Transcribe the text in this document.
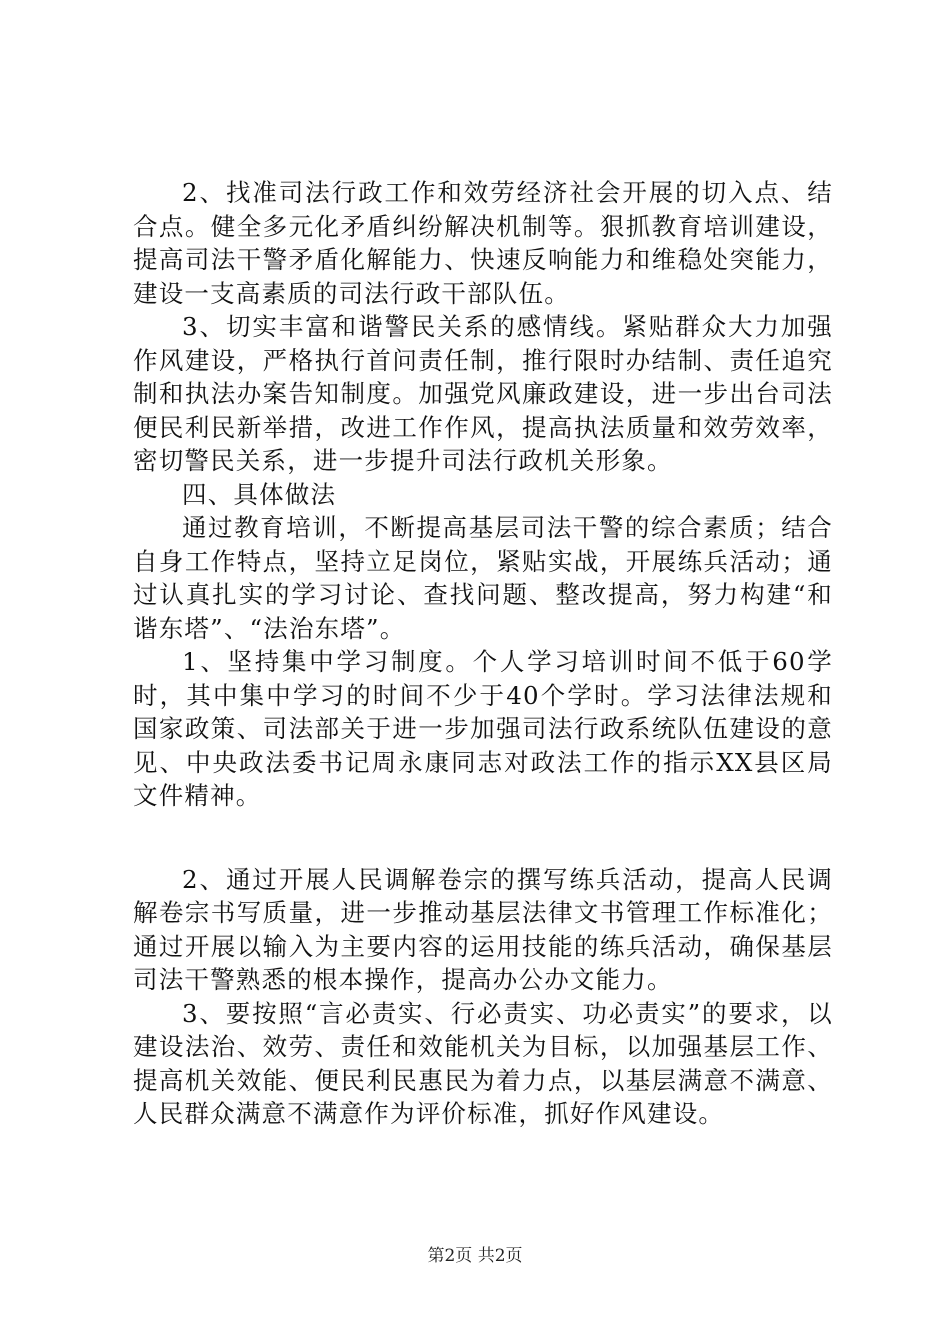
2、找准司法行政工作和效劳经济社会开展的切入点、结合点。健全多元化矛盾纠纷解决机制等。狠抓教育培训建设，提高司法干警矛盾化解能力、快速反响能力和维稳处突能力，建设一支高素质的司法行政干部队伍。

3、切实丰富和谐警民关系的感情线。紧贴群众大力加强作风建设，严格执行首问责任制，推行限时办结制、责任追究制和执法办案告知制度。加强党风廉政建设，进一步出台司法便民利民新举措，改进工作作风，提高执法质量和效劳效率，密切警民关系，进一步提升司法行政机关形象。

四、具体做法

通过教育培训，不断提高基层司法干警的综合素质；结合自身工作特点，坚持立足岗位，紧贴实战，开展练兵活动；通过认真扎实的学习讨论、查找问题、整改提高，努力构建“和谐东塔”、“法治东塔”。

1、坚持集中学习制度。个人学习培训时间不低于60学时，其中集中学习的时间不少于40个学时。学习法律法规和国家政策、司法部关于进一步加强司法行政系统队伍建设的意见、中央政法委书记周永康同志对政法工作的指示XX县区局文件精神。

2、通过开展人民调解卷宗的撰写练兵活动，提高人民调解卷宗书写质量，进一步推动基层法律文书管理工作标准化；通过开展以输入为主要内容的运用技能的练兵活动，确保基层司法干警熟悉的根本操作，提高办公办文能力。

3、要按照“言必责实、行必责实、功必责实”的要求，以建设法治、效劳、责任和效能机关为目标，以加强基层工作、提高机关效能、便民利民惠民为着力点，以基层满意不满意、人民群众满意不满意作为评价标准，抓好作风建设。

第2页 共2页
